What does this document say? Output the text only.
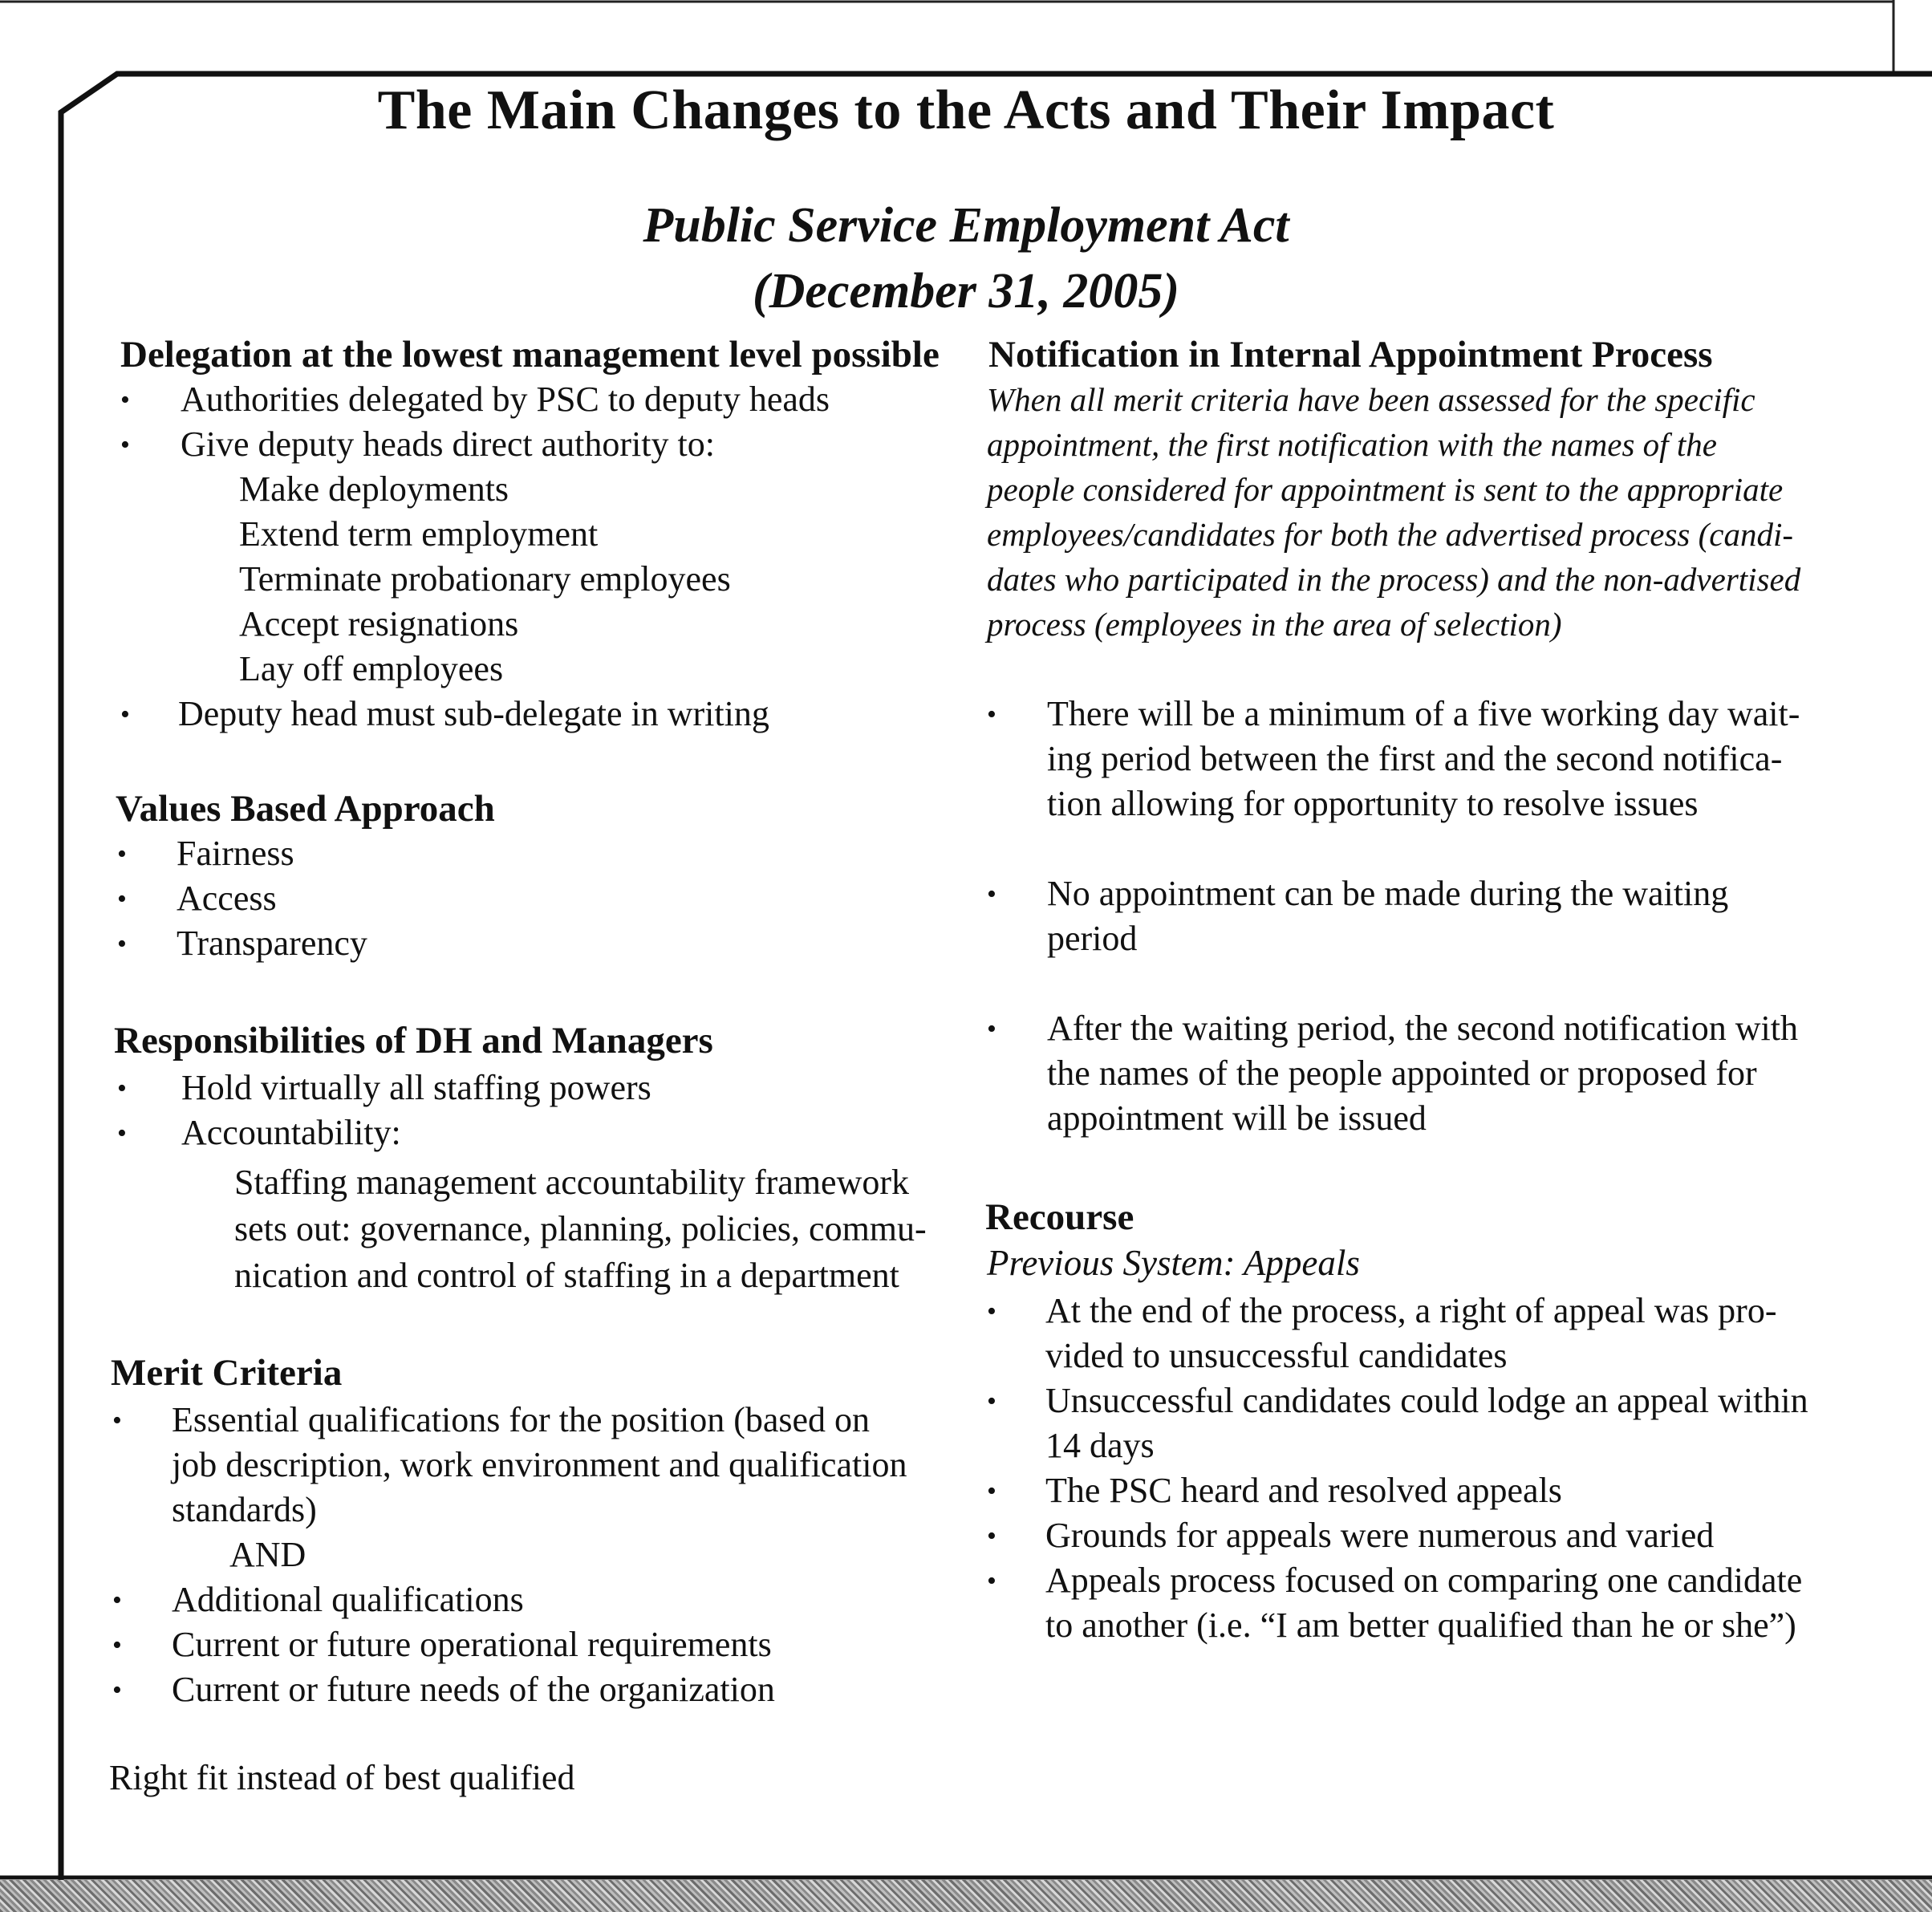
The Main Changes to the Acts and Their Impact
Public Service Employment Act
(December 31, 2005)
Delegation at the lowest management level possible
• Authorities delegated by PSC to deputy heads
• Give deputy heads direct authority to:
Make deployments
Extend term employment
Terminate probationary employees
Accept resignations
Lay off employees
• Deputy head must sub-delegate in writing
Values Based Approach
• Fairness
• Access
• Transparency
Responsibilities of DH and Managers
• Hold virtually all staffing powers
• Accountability:
Staffing management accountability framework
sets out: governance, planning, policies, commu-
nication and control of staffing in a department
Merit Criteria
• Essential qualifications for the position (based on
job description, work environment and qualification
standards)
AND
• Additional qualifications
• Current or future operational requirements
• Current or future needs of the organization
Right fit instead of best qualified
Notification in Internal Appointment Process
When all merit criteria have been assessed for the specific
appointment, the first notification with the names of the
people considered for appointment is sent to the appropriate
employees/candidates for both the advertised process (candi-
dates who participated in the process) and the non-advertised
process (employees in the area of selection)
• There will be a minimum of a five working day wait-
ing period between the first and the second notifica-
tion allowing for opportunity to resolve issues
• No appointment can be made during the waiting
period
• After the waiting period, the second notification with
the names of the people appointed or proposed for
appointment will be issued
Recourse
Previous System: Appeals
• At the end of the process, a right of appeal was pro-
vided to unsuccessful candidates
• Unsuccessful candidates could lodge an appeal within
14 days
• The PSC heard and resolved appeals
• Grounds for appeals were numerous and varied
• Appeals process focused on comparing one candidate
to another (i.e. “I am better qualified than he or she”)
